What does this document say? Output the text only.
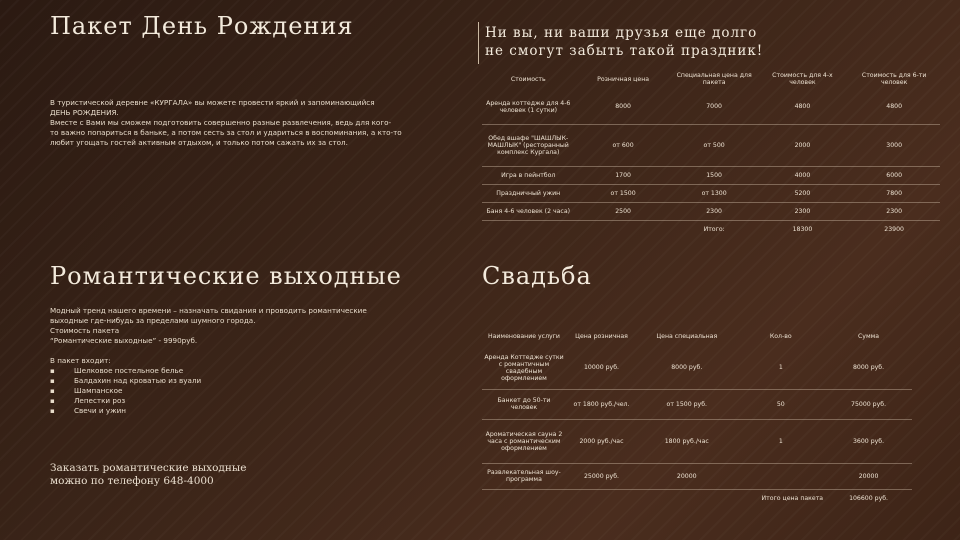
Пакет День Рождения	Ни вы, ни ваши друзья еще долго
не смогут забыть такой праздник!
В туристической деревне «КУРГАЛА» вы можете провести яркий и запоминающийся
ДЕНЬ РОЖДЕНИЯ.
Вместе с Вами мы сможем подготовить совершенно разные развлечения, ведь для кого-
то важно попариться в баньке, а потом сесть за стол и удариться в воспоминания, а кто-то
любит угощать гостей активным отдыхом, и только потом сажать их за стол.
Стоимость	Розничная цена	Специальная цена для пакета	Стоимость для 4-х человек	Стоимость для 6-ти человек
Аренда коттедже для 4-6 человек (1 сутки)	8000	7000	4800	4800
Обед вшафе "ШАШЛЫК-МАШЛЫК" (ресторанный комплекс Кургала)	от 600	от 500	2000	3000
Игра в пейнтбол	1700	1500	4000	6000
Праздничный ужин	от 1500	от 1300	5200	7800
Баня 4-6 человек (2 часа)	2500	2300	2300	2300
		Итого:	18300	23900
Романтические выходные
Модный тренд нашего времени – назначать свидания и проводить романтические
выходные где-нибудь за пределами шумного города.
Стоимость пакета
“Романтические выходные” - 9990руб.
В пакет входит:
▪ Шелковое постельное белье
▪ Балдахин над кроватью из вуали
▪ Шампанское
▪ Лепестки роз
▪ Свечи и ужин
Заказать романтические выходные
можно по телефону 648-4000
Свадьба
Наименование услуги	Цена розничная	Цена специальная	Кол-во	Сумма
Аренда Коттедже сутки с романтичным свадебным оформлением	10000 руб.	8000 руб.	1	8000 руб.
Банкет до 50-ти человек	от 1800 руб./чел.	от 1500 руб.	50	75000 руб.
Ароматическая сауна 2 часа с романтическим оформлением	2000 руб./час	1800 руб./час	1	3600 руб.
Развлекательная шоу-программа	25000 руб.	20000		20000
			Итого цена пакета	106600 руб.
